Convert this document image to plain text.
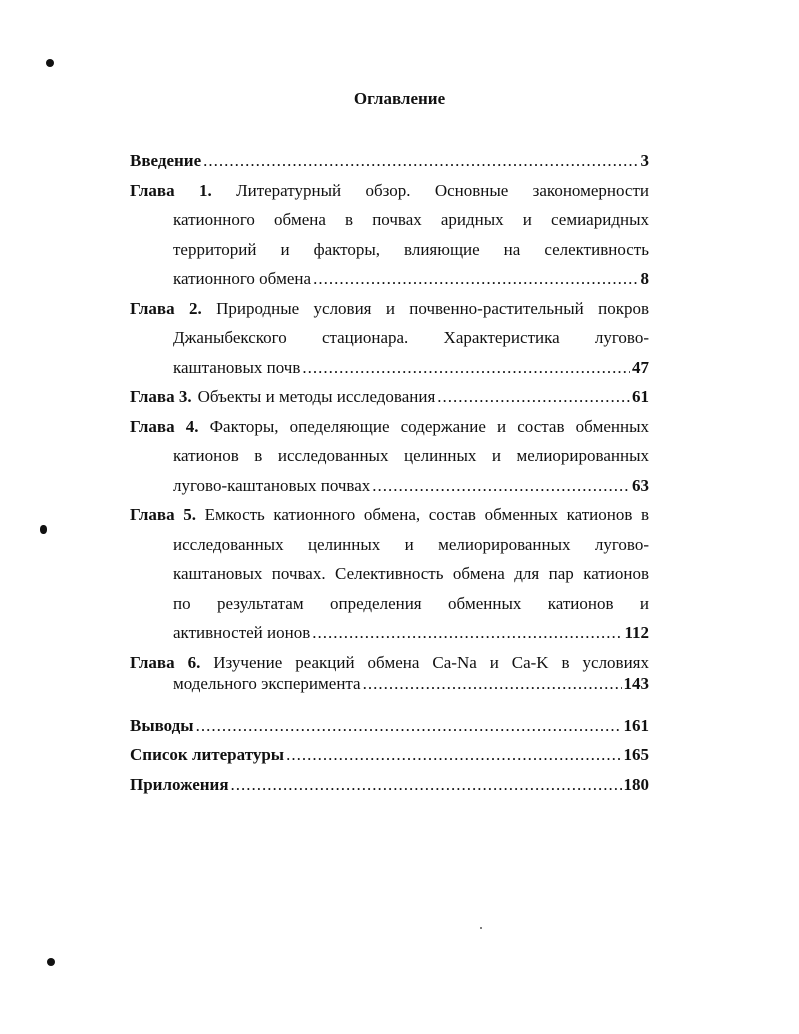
Оглавление
Введение .....	3
Глава 1. Литературный обзор. Основные закономерности
катионного обмена в почвах аридных и семиаридных
территорий и факторы, влияющие на селективность
катионного обмена .....	8
Глава 2. Природные условия и почвенно-растительный покров
Джаныбекского стационара. Характеристика лугово-
каштановых почв .....	47
Глава 3. Объекты и методы исследования .....	61
Глава 4. Факторы, опеделяющие содержание и состав обменных
катионов в исследованных целинных и мелиорированных
лугово-каштановых почвах .....	63
Глава 5. Емкость катионного обмена, состав обменных катионов в
исследованных целинных и мелиорированных лугово-
каштановых почвах. Селективность обмена для пар катионов
по результатам определения обменных катионов и
активностей ионов .....	112
Глава 6. Изучение реакций обмена Ca-Na и Ca-K в условиях
модельного эксперимента .....	143
Выводы .....	161
Список литературы .....	165
Приложения .....	180
